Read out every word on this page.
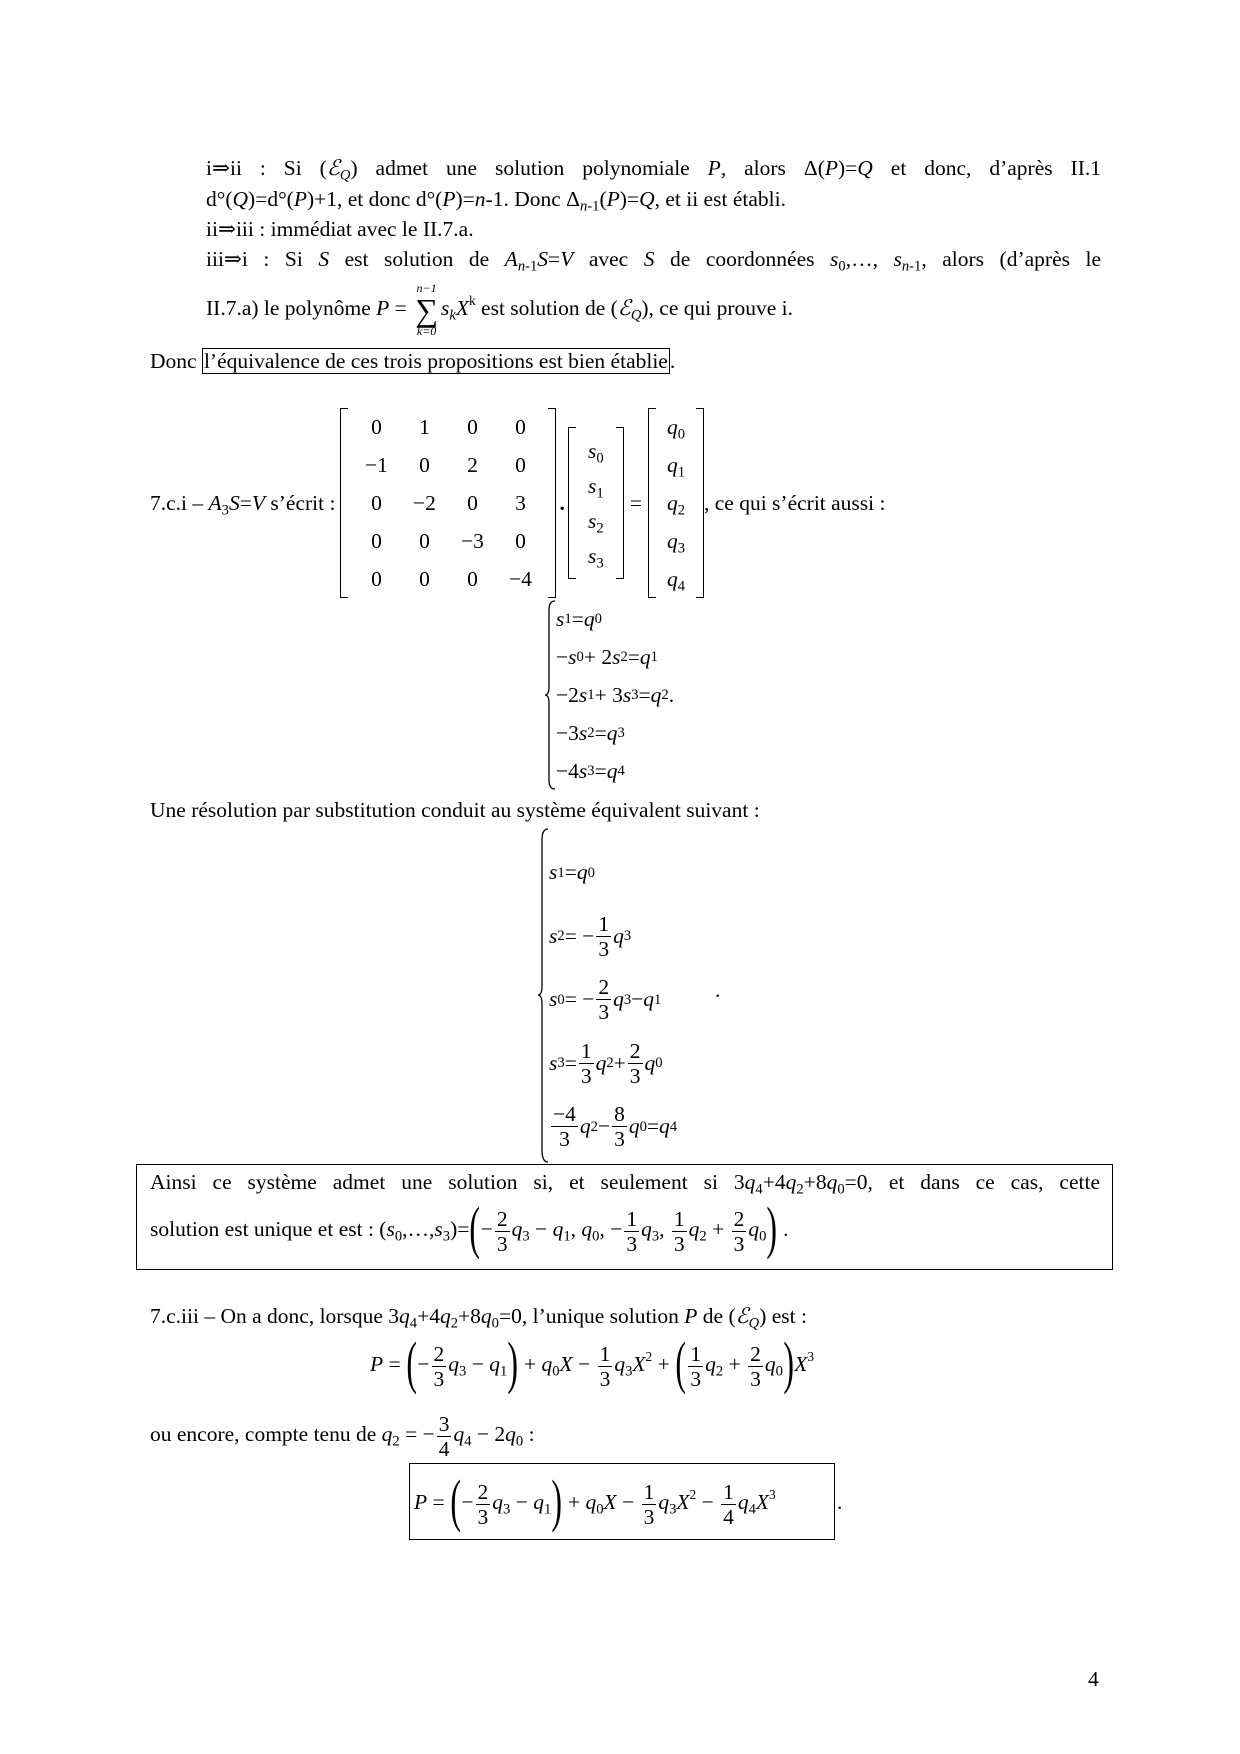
i⇒ii : Si (ℰ$_Q$) admet une solution polynomiale P, alors Δ(P)=Q et donc, d’après II.1
d°(Q)=d°(P)+1, et donc d°(P)=n-1. Donc $\Delta_{n-1}(P)=Q$, et ii est établi.
ii⇒iii : immédiat avec le II.7.a.
iii⇒i : Si S est solution de $A_{n-1}S=V$ avec S de coordonnées $s_0,\dots$, $s_{n-1}$, alors (d’après le
II.7.a) le polynôme P =
n−1
∑
k=0
$s_kX^k$ est solution de (ℰ$_Q$), ce qui prouve i.
Donc l’équivalence de ces trois propositions est bien établie.
$7.c.i - A_3S=V$ s’écrit :
0 1 0 0
−1 0 2 0
0 −2 0 3
0 0 −3 0
0 0 0 −4
.
$s_0$
$s_1$
$s_2$
$s_3$
=
$q_0$
$q_1$
$q_2$
$q_3$
$q_4$
, ce qui s’écrit aussi :
s 1 = q 0
− s 0 + 2 s 2 = q 1
−2 s 1 + 3 s 3 = q 2 .
−3 s 2 = q 3
−4 s 3 = q 4
Une résolution par substitution conduit au système équivalent suivant :
s 1 = q 0
s 2 = − $\frac{1}{3}$ q 3
s 0 = − $\frac{2}{3}$ q 3 − q 1
s $3 = \frac{1}{3}$ q $2 + \frac{2}{3}$ q 0
$\frac{-4}{3}$ q $2 - \frac{8}{3}$ q 0 = q 4
.
Ainsi ce système admet une solution si, et seulement si $3q_4+4q_2+8q_0=0$, et dans ce cas, cette
solution est unique et est : $(s_0,\dots,s_3)=(- \frac{2}{3} q_3 - q_1$, $q_0$, − $\frac{1}{3} q_3$, $\frac{1}{3} q_2 + \frac{2}{3} q_0$) .
7.c.iii – On a donc, lorsque $3q_4+4q_2+8q_0=0$, l’unique solution P de (ℰ$_Q$) est :
P = (− $\frac{2}{3} q_3 - q_1) + q_0X - \frac{1}{3} q_3X^2$ + ( $\frac{1}{3} q_2 + \frac{2}{3} q_0)X^3$
ou encore, compte tenu de $q_2$ = − $\frac{3}{4} q_4 - 2q_0$ :
P = (− $\frac{2}{3} q_3 - q_1) + q_0X - \frac{1}{3} q_3X^2 - \frac{1}{4} q_4X^3$	.
4
